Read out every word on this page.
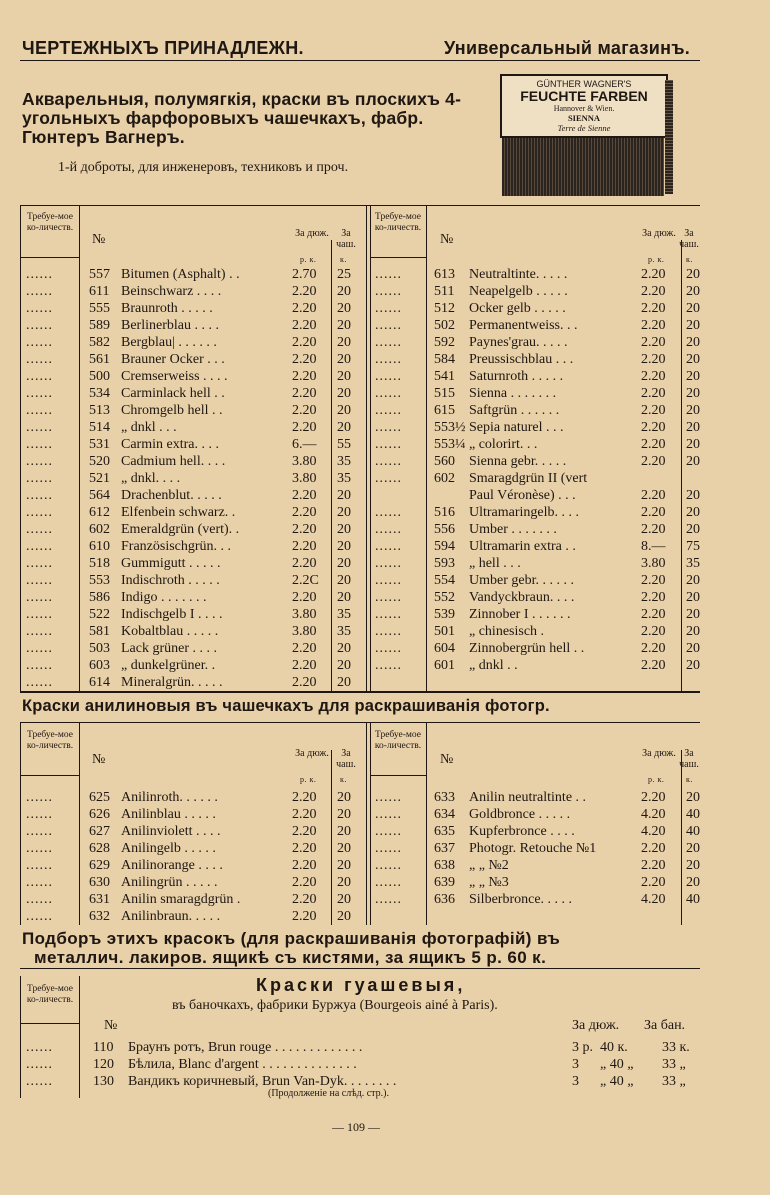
ЧЕРТЕЖНЫХЪ ПРИНАДЛЕЖН.	Универсальный магазинъ.
Акварельныя, полумягкія, краски въ плоскихъ 4-угольныхъ фарфоровыхъ чашечкахъ, фабр. Гюнтеръ Вагнеръ.
1-й доброты, для инженеровъ, техниковъ и проч.
GÜNTHER WAGNER'S
FEUCHTE FARBEN
Hannover & Wien.
SIENNA
Terre de Sienne
Требуе-мое ко-личеств.
Требуе-мое ко-личеств.
№	№
За дюж.	За чаш.
За дюж. За чаш.
р. к.	к.	р. к.	к.
......	557 Bitumen (Asphalt) . .	2.70 25
......	611 Beinschwarz . . . .	2.20 20
......	555 Braunroth . . . . .	2.20 20
......	589 Berlinerblau . . . .	2.20 20
......	582 Bergblau| . . . . . .	2.20 20
......	561 Brauner Ocker . . .	2.20 20
......	500 Cremserweiss . . . .	2.20 20
......	534 Carminlack hell . .	2.20 20
......	513 Chromgelb hell . .	2.20 20
......	514 „ dnkl . . .	2.20 20
......	531 Carmin extra. . . .	6.— 55
......	520 Cadmium hell. . . .	3.80 35
......	521 „ dnkl. . . .	3.80 35
......	564 Drachenblut. . . . .	2.20 20
......	612 Elfenbein schwarz. .	2.20 20
......	602 Emeraldgrün (vert). .	2.20 20
......	610 Französischgrün. . .	2.20 20
......	518 Gummigutt . . . . .	2.20 20
......	553 Indischroth . . . . .	2.2С 20
......	586 Indigo . . . . . . .	2.20 20
......	522 Indischgelb I . . . .	3.80 35
......	581 Kobaltblau . . . . .	3.80 35
......	503 Lack grüner . . . .	2.20 20
......	603 „ dunkelgrüner. .	2.20 20
......	614 Mineralgrün. . . . .	2.20 20
...... 613 Neutraltinte. . . . .	2.20 20
...... 511 Neapelgelb . . . . .	2.20 20
...... 512 Ocker gelb . . . . .	2.20 20
...... 502 Permanentweiss. . .	2.20 20
...... 592 Paynes'grau. . . . .	2.20 20
...... 584 Preussischblau . . .	2.20 20
...... 541 Saturnroth . . . . .	2.20 20
...... 515 Sienna . . . . . . .	2.20 20
...... 615 Saftgrün . . . . . .	2.20 20
...... 553½ Sepia naturel . . .	2.20 20
...... 553¼ „ colorirt. . .	2.20 20
...... 560 Sienna gebr. . . . .	2.20 20
...... 602 Smaragdgrün II (vert
Paul Véronèse) . . .	2.20 20
...... 516 Ultramaringelb. . . .	2.20 20
...... 556 Umber . . . . . . .	2.20 20
...... 594 Ultramarin extra . .	8.— 75
...... 593 „ hell . . .	3.80 35
...... 554 Umber gebr. . . . . .	2.20 20
...... 552 Vandyckbraun. . . .	2.20 20
...... 539 Zinnober I . . . . . .	2.20 20
...... 501 „ chinesisch .	2.20 20
...... 604 Zinnobergrün hell . .	2.20 20
...... 601 „ dnkl . .	2.20 20
Краски анилиновыя въ чашечкахъ для раскрашиванія фотогр.
Требуе-мое ко-личеств.
Требуе-мое ко-личеств.
№	№
За дюж.	За чаш.
За дюж. За чаш.
р. к.	к.	р. к.	к.
......	625 Anilinroth. . . . . .	2.20 20
......	626 Anilinblau . . . . .	2.20 20
......	627 Anilinviolett . . . .	2.20 20
......	628 Anilingelb . . . . .	2.20 20
......	629 Anilinorange . . . .	2.20 20
......	630 Anilingrün . . . . .	2.20 20
......	631 Anilin smaragdgrün .	2.20 20
......	632 Anilinbraun. . . . .	2.20 20
...... 633 Anilin neutraltinte . .	2.20 20
...... 634 Goldbronce . . . . .	4.20 40
...... 635 Kupferbronce . . . .	4.20 40
...... 637 Photogr. Retouche №1	2.20 20
...... 638 „ „ №2	2.20 20
...... 639 „ „ №3	2.20 20
...... 636 Silberbronce. . . . .	4.20 40
Подборъ этихъ красокъ (для раскрашиванія фотографій) въ
металлич. лакиров. ящикѣ съ кистями, за ящикъ 5 р. 60 к.
Требуе-мое ко-личеств.
Краски гуашевыя,
въ баночкахъ, фабрики Буржуа (Bourgeois ainé à Paris).
№	За дюж. За бан.
......	110 Браунъ ротъ, Brun rouge . . . . . . . . . . . . .	3 р. 40 к. 33 к.
......	120 Бѣлила, Blanc d'argent . . . . . . . . . . . . . .	3 „ 40 „ 33 „
......	130 Вандикъ коричневый, Brun Van-Dyk. . . . . . . .	3 „ 40 „ 33 „
(Продолженіе на слѣд. стр.).
— 109 —
